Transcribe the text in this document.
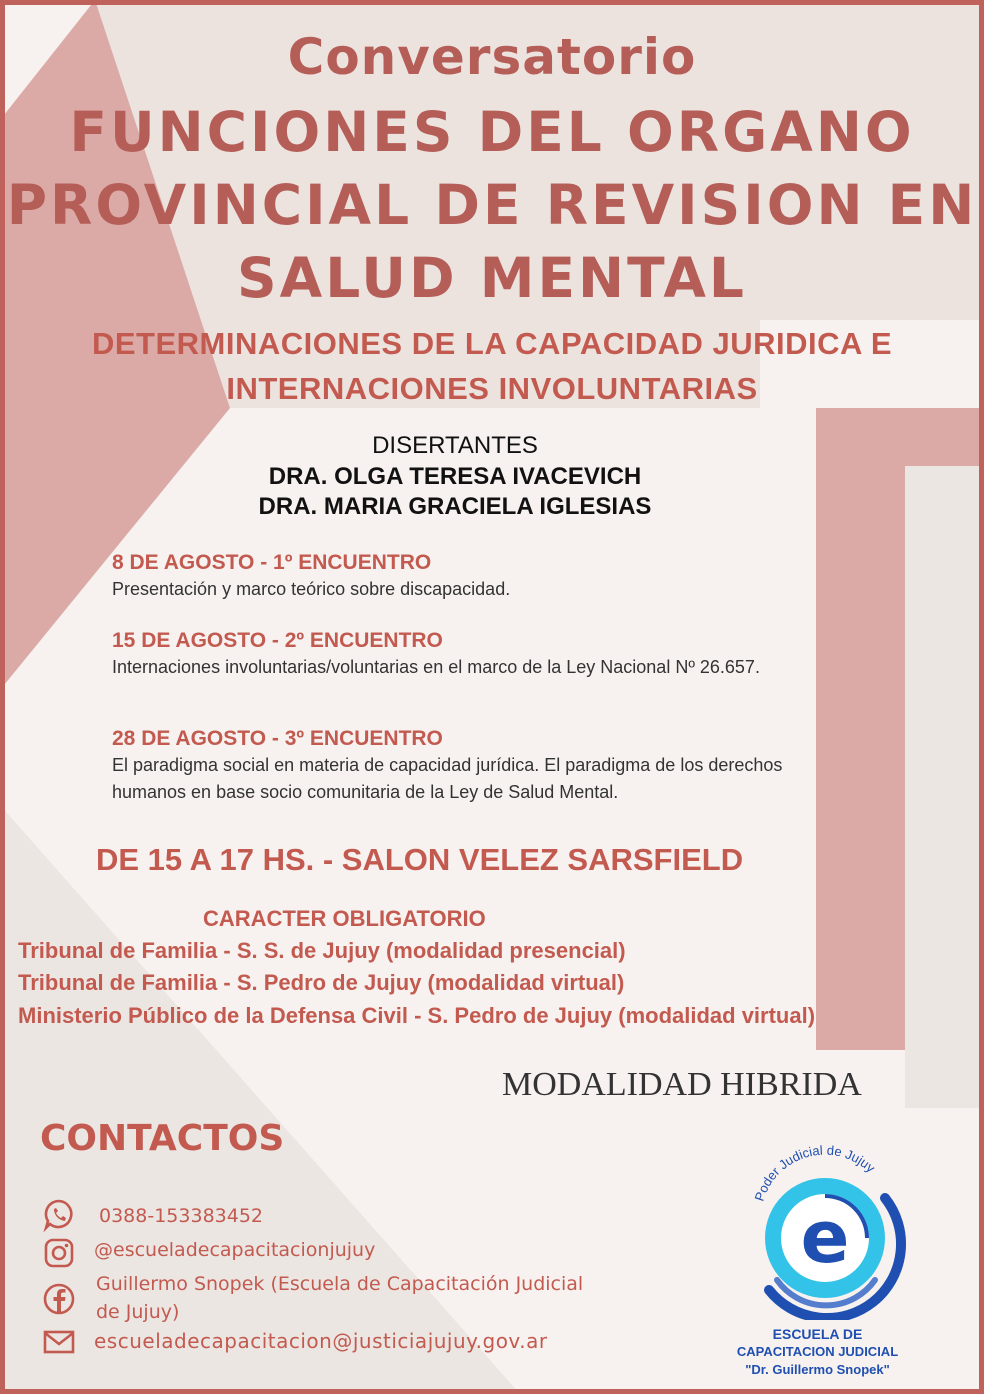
Conversatorio
FUNCIONES DEL ORGANO
PROVINCIAL DE REVISION EN
SALUD MENTAL
DETERMINACIONES DE LA CAPACIDAD JURIDICA E
INTERNACIONES INVOLUNTARIAS
DISERTANTES
DRA. OLGA TERESA IVACEVICH
DRA. MARIA GRACIELA IGLESIAS
8 DE AGOSTO - 1º ENCUENTRO
Presentación y marco teórico sobre discapacidad.
15 DE AGOSTO - 2º ENCUENTRO
Internaciones involuntarias/voluntarias en el marco de la Ley Nacional Nº 26.657.
28 DE AGOSTO - 3º ENCUENTRO
El paradigma social en materia de capacidad jurídica. El paradigma de los derechos humanos en base socio comunitaria de la Ley de Salud Mental.
DE 15 A 17 HS. - SALON VELEZ SARSFIELD
CARACTER OBLIGATORIO
Tribunal de Familia - S. S. de Jujuy (modalidad presencial)
Tribunal de Familia - S. Pedro de Jujuy (modalidad virtual)
Ministerio Público de la Defensa Civil - S. Pedro de Jujuy (modalidad virtual)
MODALIDAD HIBRIDA
CONTACTOS
0388-153383452
@escueladecapacitacionjujuy
Guillermo Snopek (Escuela de Capacitación Judicial
de Jujuy)
escueladecapacitacion@justiciajujuy.gov.ar
Poder Judicial de Jujuy
e
ESCUELA DE
CAPACITACION JUDICIAL
"Dr. Guillermo Snopek"
